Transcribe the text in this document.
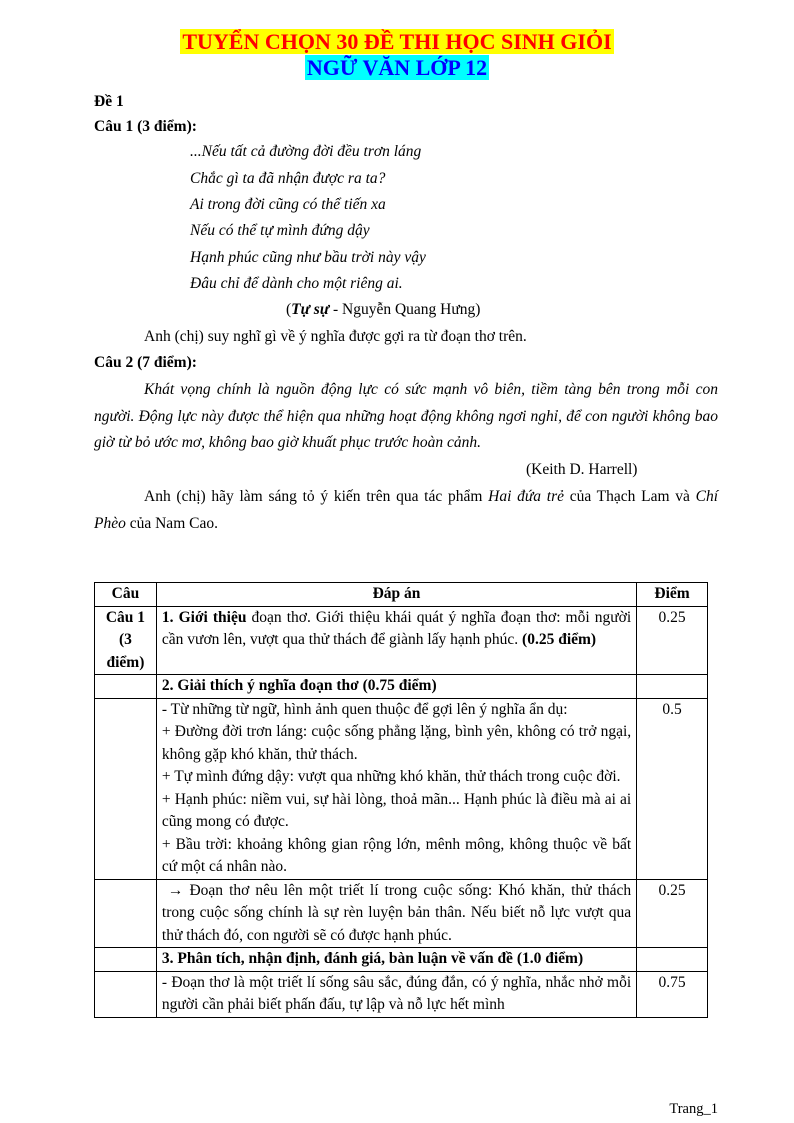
TUYỂN CHỌN 30 ĐỀ THI HỌC SINH GIỎI
NGỮ VĂN LỚP 12
Đề 1
Câu 1 (3 điểm):
...Nếu tất cả đường đời đều trơn láng
Chắc gì ta đã nhận được ra ta?
Ai trong đời cũng có thể tiến xa
Nếu có thể tự mình đứng dậy
Hạnh phúc cũng như bầu trời này vậy
Đâu chỉ để dành cho một riêng ai.
(Tự sự - Nguyễn Quang Hưng)
Anh (chị) suy nghĩ gì về ý nghĩa được gợi ra từ đoạn thơ trên.
Câu 2 (7 điểm):
Khát vọng chính là nguồn động lực có sức mạnh vô biên, tiềm tàng bên trong mỗi con người. Động lực này được thể hiện qua những hoạt động không ngơi nghỉ, để con người không bao giờ từ bỏ ước mơ, không bao giờ khuất phục trước hoàn cảnh.
(Keith D. Harrell)
Anh (chị) hãy làm sáng tỏ ý kiến trên qua tác phẩm Hai đứa trẻ của Thạch Lam và Chí Phèo của Nam Cao.
Câu	Đáp án	Điểm
Câu 1 (3 điểm)	1. Giới thiệu đoạn thơ. Giới thiệu khái quát ý nghĩa đoạn thơ: mỗi người cần vươn lên, vượt qua thử thách để giành lấy hạnh phúc. (0.25 điểm)	0.25
	2. Giải thích ý nghĩa đoạn thơ (0.75 điểm)	

	- Từ những từ ngữ, hình ảnh quen thuộc để gợi lên ý nghĩa ẩn dụ:
+ Đường đời trơn láng: cuộc sống phẳng lặng, bình yên, không có trở ngại, không gặp khó khăn, thử thách.
+ Tự mình đứng dậy: vượt qua những khó khăn, thử thách trong cuộc đời.
+ Hạnh phúc: niềm vui, sự hài lòng, thoả mãn... Hạnh phúc là điều mà ai ai cũng mong có được.
+ Bầu trời: khoảng không gian rộng lớn, mênh mông, không thuộc về bất cứ một cá nhân nào.	0.5
	→ Đoạn thơ nêu lên một triết lí trong cuộc sống: Khó khăn, thử thách trong cuộc sống chính là sự rèn luyện bản thân. Nếu biết nỗ lực vượt qua thử thách đó, con người sẽ có được hạnh phúc.	0.25
	3. Phân tích, nhận định, đánh giá, bàn luận về vấn đề (1.0 điểm)	
	- Đoạn thơ là một triết lí sống sâu sắc, đúng đắn, có ý nghĩa, nhắc nhở mỗi người cần phải biết phấn đấu, tự lập và nỗ lực hết mình	0.75
Trang_1
